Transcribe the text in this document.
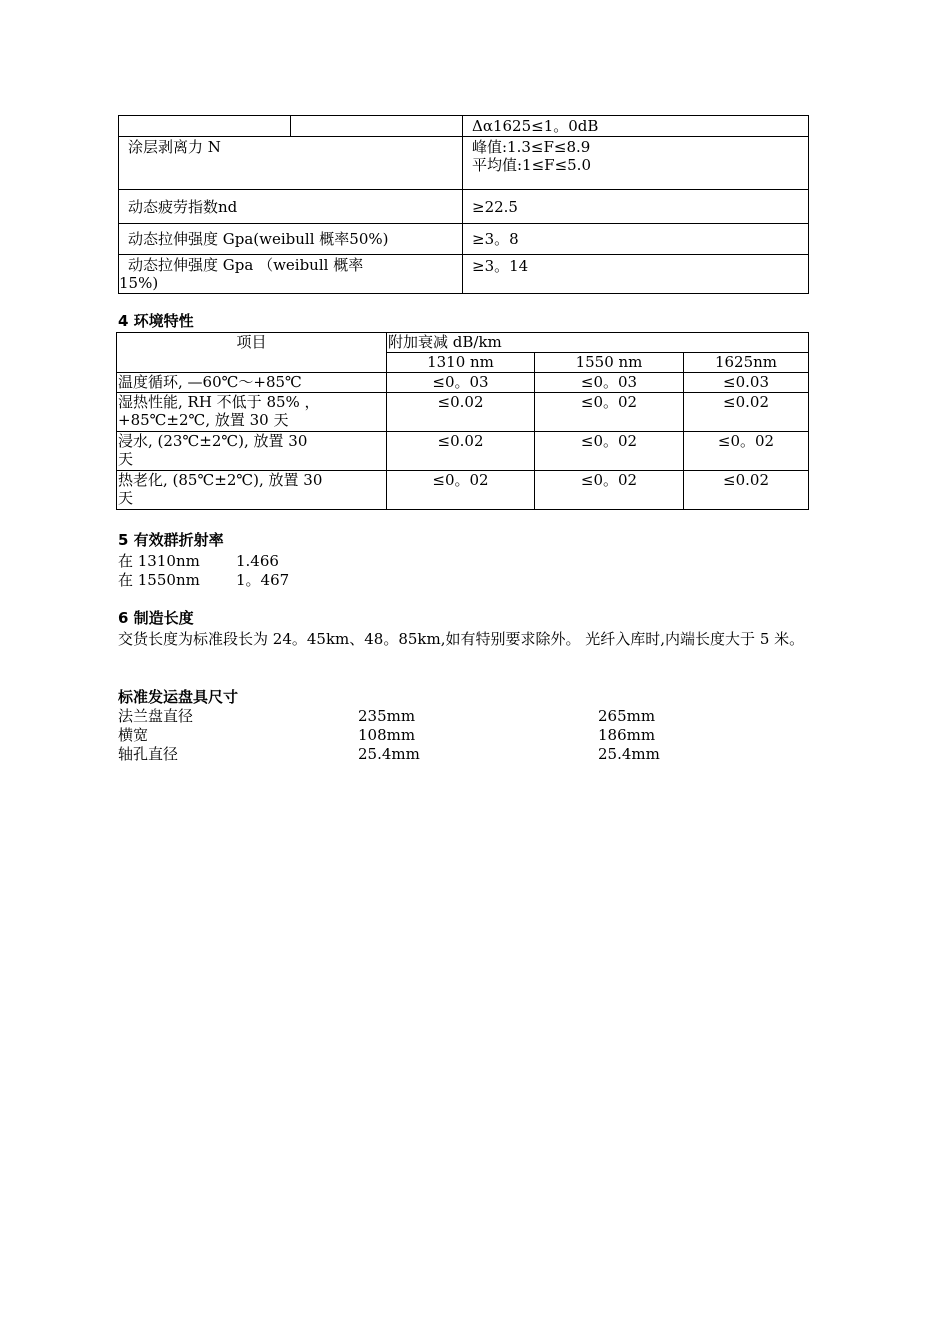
		Δα1625≤1。0dB
涂层剥离力 N		峰值:1.3≤F≤8.9
平均值:1≤F≤5.0

动态疲劳指数nd		≥22.5
动态拉伸强度 Gpa(weibull 概率50%)		≥3。8

动态拉伸强度 Gpa （weibull 概率
15%)		≥3。14
4 环境特性
项目	附加衰减 dB/km		
	1310 nm	1550 nm	1625nm
温度循环, —60℃～+85℃	≤0。03	≤0。03	≤0.03

湿热性能, RH 不低于 85% ，
+85℃±2℃, 放置 30 天	≤0.02	≤0。02	≤0.02

浸水, (23℃±2℃), 放置 30
天	≤0.02	≤0。02	≤0。02

热老化, (85℃±2℃), 放置 30
天	≤0。02	≤0。02	≤0.02
5 有效群折射率
在 1310nm 1.466
在 1550nm 1。467
6 制造长度
交货长度为标准段长为 24。45km、48。85km,如有特别要求除外。 光纤入库时,内端长度大于 5 米。
标准发运盘具尺寸
法兰盘直径	235mm	265mm
横宽	108mm	186mm
轴孔直径	25.4mm	25.4mm
